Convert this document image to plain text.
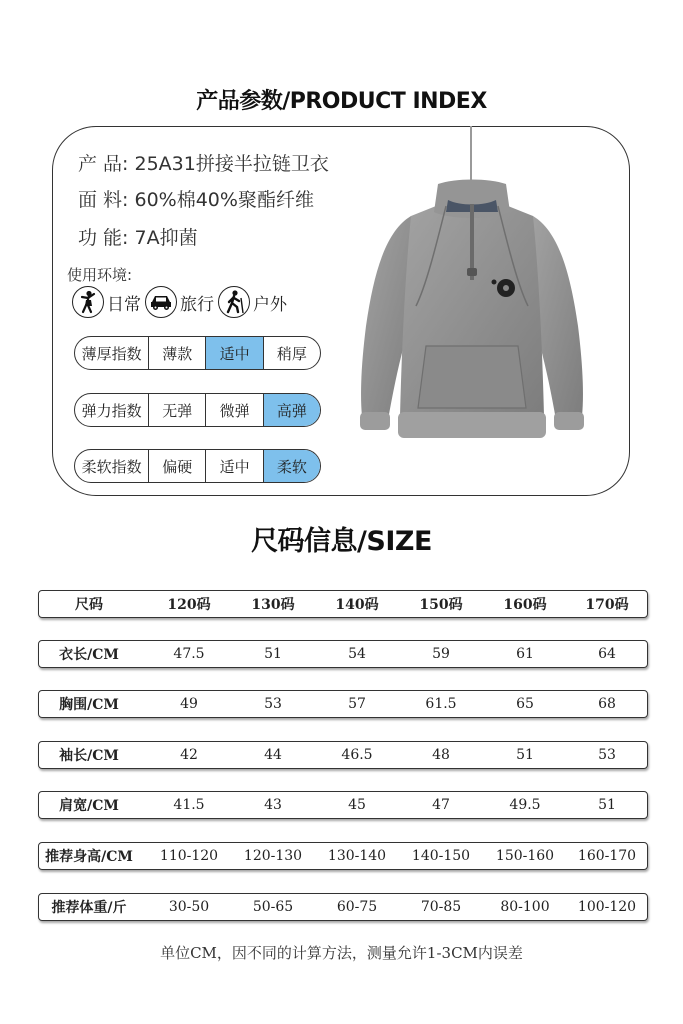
产品参数/PRODUCT INDEX
产 品: 25A31拼接半拉链卫衣
面 料: 60%棉40%聚酯纤维
功 能: 7A抑菌
使用环境:
日常 旅行 户外
薄厚指数	薄款	适中	稍厚
弹力指数	无弹	微弹	高弹
柔软指数	偏硬	适中	柔软
尺码信息/SIZE
尺码	120码	130码	140码	150码	160码	170码
衣长/CM	47.5	51	54	59	61	64
胸围/CM	49	53	57	61.5	65	68
袖长/CM	42	44	46.5	48	51	53
肩宽/CM	41.5	43	45	47	49.5	51
推荐身高/CM	110-120	120-130	130-140	140-150	150-160	160-170
推荐体重/斤	30-50	50-65	60-75	70-85	80-100	100-120
单位CM，因不同的计算方法，测量允许1-3CM内误差
